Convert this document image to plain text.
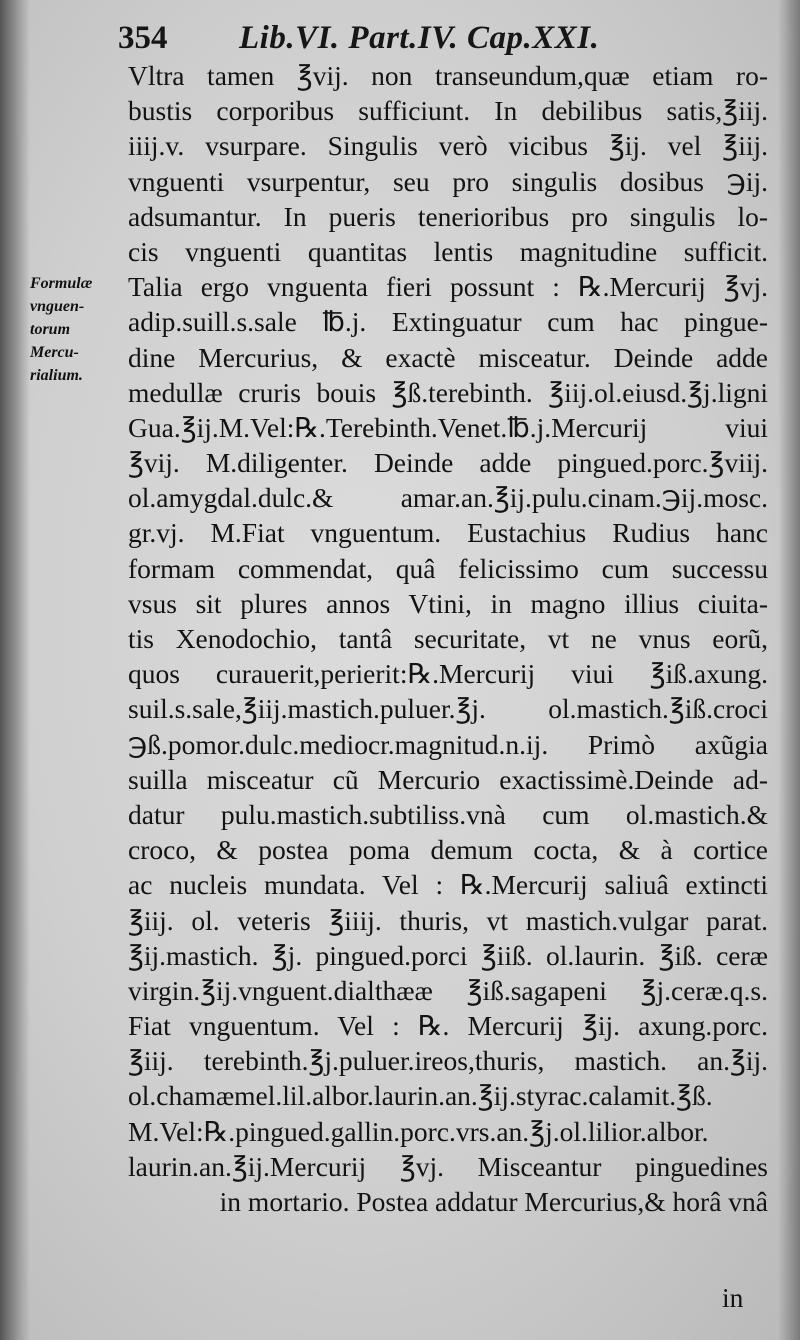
354 Lib.VI. Part.IV. Cap.XXI.
Formulæ
vnguen-
torum
Mercu-
rialium.
Vltra tamen ℥vij. non transeundum,quæ etiam ro-
bustis corporibus sufficiunt. In debilibus satis,℥iij.
iiij.v. vsurpare. Singulis verò vicibus ℥ij. vel ℥iij.
vnguenti vsurpentur, seu pro singulis dosibus ℈ij.
adsumantur. In pueris tenerioribus pro singulis lo-
cis vnguenti quantitas lentis magnitudine sufficit.
Talia ergo vnguenta fieri possunt : ℞.Mercurij ℥vj.
adip.suill.s.sale ℔.j. Extinguatur cum hac pingue-
dine Mercurius, & exactè misceatur. Deinde adde
medullæ cruris bouis ℥ß.terebinth. ℥iij.ol.eiusd.℥j.ligni
Gua.℥ij.M.Vel:℞.Terebinth.Venet.℔.j.Mercurij viui
℥vij. M.diligenter. Deinde adde pingued.porc.℥viij.
ol.amygdal.dulc.& amar.an.℥ij.pulu.cinam.℈ij.mosc.
gr.vj. M.Fiat vnguentum. Eustachius Rudius hanc
formam commendat, quâ felicissimo cum successu
vsus sit plures annos Vtini, in magno illius ciuita-
tis Xenodochio, tantâ securitate, vt ne vnus eorũ,
quos curauerit,perierit:℞.Mercurij viui ℥iß.axung.
suil.s.sale,℥iij.mastich.puluer.℥j. ol.mastich.℥iß.croci
℈ß.pomor.dulc.mediocr.magnitud.n.ij. Primò axũgia
suilla misceatur cũ Mercurio exactissimè.Deinde ad-
datur pulu.mastich.subtiliss.vnà cum ol.mastich.&
croco, & postea poma demum cocta, & à cortice
ac nucleis mundata. Vel : ℞.Mercurij saliuâ extincti
℥iij. ol. veteris ℥iiij. thuris, vt mastich.vulgar parat.
℥ij.mastich. ℥j. pingued.porci ℥iiß. ol.laurin. ℥iß. ceræ
virgin.℥ij.vnguent.dialthææ ℥iß.sagapeni ℥j.ceræ.q.s.
Fiat vnguentum. Vel : ℞. Mercurij ℥ij. axung.porc.
℥iij. terebinth.℥j.puluer.ireos,thuris, mastich. an.℥ij.
ol.chamæmel.lil.albor.laurin.an.℥ij.styrac.calamit.℥ß.
M.Vel:℞.pingued.gallin.porc.vrs.an.℥j.ol.lilior.albor.
laurin.an.℥ij.Mercurij ℥vj. Misceantur pinguedines
in mortario. Postea addatur Mercurius,& horâ vnâ
in
